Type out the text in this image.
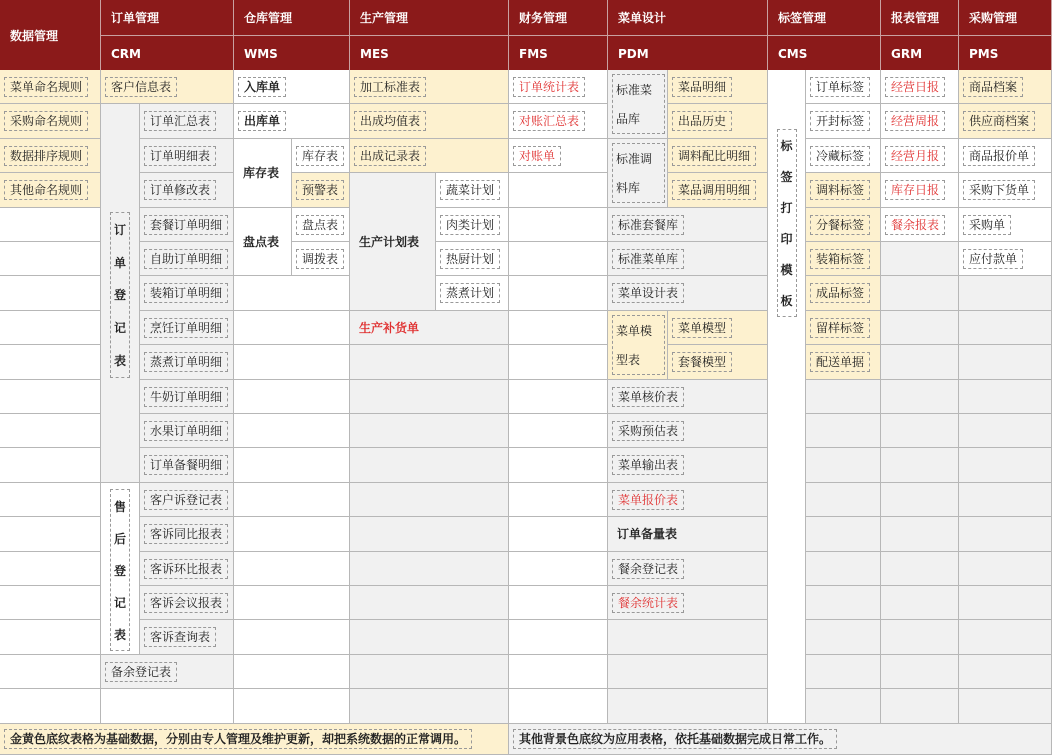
数据管理
订单管理
CRM
仓库管理
WMS
生产管理
MES
财务管理
FMS
菜单设计
PDM
标签管理
CMS
报表管理
GRM
采购管理
PMS
菜单命名规则
采购命名规则
数据排序规则
其他命名规则
客户信息表
订
单
登
记
表
订单汇总表
订单明细表
订单修改表
套餐订单明细
自助订单明细
装箱订单明细
烹饪订单明细
蒸煮订单明细
牛奶订单明细
水果订单明细
订单备餐明细
售
后
登
记
表
客户诉登记表
客诉同比报表
客诉环比报表
客诉会议报表
客诉查询表
备余登记表
入库单
出库单
库存表
库存表
预警表
盘点表
盘点表
调拨表
加工标准表
出成均值表
出成记录表
生产计划表
蔬菜计划
肉类计划
热厨计划
蒸煮计划
生产补货单
订单统计表
对账汇总表
对账单
标准菜
品库
菜品明细
出品历史
标准调
料库
调料配比明细
菜品调用明细
标准套餐库
标准菜单库
菜单设计表
菜单模
型表
菜单模型
套餐模型
菜单核价表
采购预估表
菜单输出表
菜单报价表
订单备量表
餐余登记表
餐余统计表
标
签
打
印
模
板
订单标签
开封标签
冷藏标签
调料标签
分餐标签
装箱标签
成品标签
留样标签
配送单据
经营日报
经营周报
经营月报
库存日报
餐余报表
商品档案
供应商档案
商品报价单
采购下货单
采购单
应付款单
金黄色底纹表格为基础数据，分别由专人管理及维护更新，却把系统数据的正常调用。	其他背景色底纹为应用表格，依托基础数据完成日常工作。
